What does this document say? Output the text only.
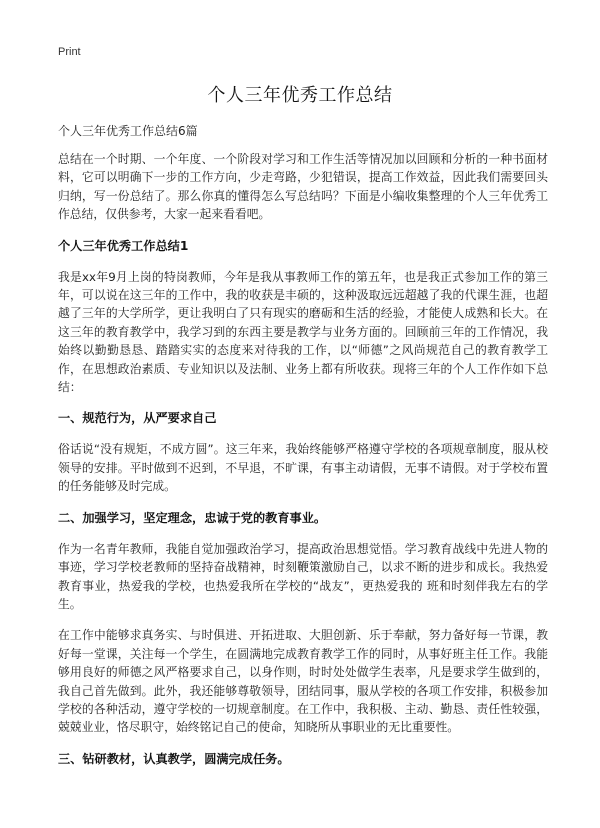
Print
个人三年优秀工作总结
个人三年优秀工作总结6篇

总结在一个时期、一个年度、一个阶段对学习和工作生活等情况加以回顾和分析的一种书面材料，它可以明确下一步的工作方向，少走弯路，少犯错误，提高工作效益，因此我们需要回头归纳，写一份总结了。那么你真的懂得怎么写总结吗？下面是小编收集整理的个人三年优秀工作总结，仅供参考，大家一起来看看吧。

个人三年优秀工作总结1

我是xx年9月上岗的特岗教师，今年是我从事教师工作的第五年，也是我正式参加工作的第三年，可以说在这三年的工作中，我的收获是丰硕的，这种汲取远远超越了我的代课生涯，也超越了三年的大学所学，更让我明白了只有现实的磨砺和生活的经验，才能使人成熟和长大。在这三年的教育教学中，我学习到的东西主要是教学与业务方面的。回顾前三年的工作情况，我始终以勤勤恳恳、踏踏实实的态度来对待我的工作，以“师德”之风尚规范自己的教育教学工作，在思想政治素质、专业知识以及法制、业务上都有所收获。现将三年的个人工作作如下总结：

一、规范行为，从严要求自己

俗话说“没有规矩，不成方圆”。这三年来，我始终能够严格遵守学校的各项规章制度，服从校领导的安排。平时做到不迟到，不早退，不旷课，有事主动请假，无事不请假。对于学校布置的任务能够及时完成。

二、加强学习，坚定理念，忠诚于党的教育事业。

作为一名青年教师，我能自觉加强政治学习，提高政治思想觉悟。学习教育战线中先进人物的事迹，学习学校老教师的坚持奋战精神，时刻鞭策激励自己，以求不断的进步和成长。我热爱教育事业，热爱我的学校，也热爱我所在学校的“战友”，更热爱我的 班和时刻伴我左右的学生。

在工作中能够求真务实、与时俱进、开拓进取、大胆创新、乐于奉献，努力备好每一节课，教好每一堂课，关注每一个学生，在圆满地完成教育教学工作的同时，从事好班主任工作。我能够用良好的师德之风严格要求自己，以身作则，时时处处做学生表率，凡是要求学生做到的，我自己首先做到。此外，我还能够尊敬领导，团结同事，服从学校的各项工作安排，积极参加学校的各种活动，遵守学校的一切规章制度。在工作中，我积极、主动、勤恳、责任性较强，兢兢业业，恪尽职守，始终铭记自己的使命，知晓所从事职业的无比重要性。

三、钻研教材，认真教学，圆满完成任务。
